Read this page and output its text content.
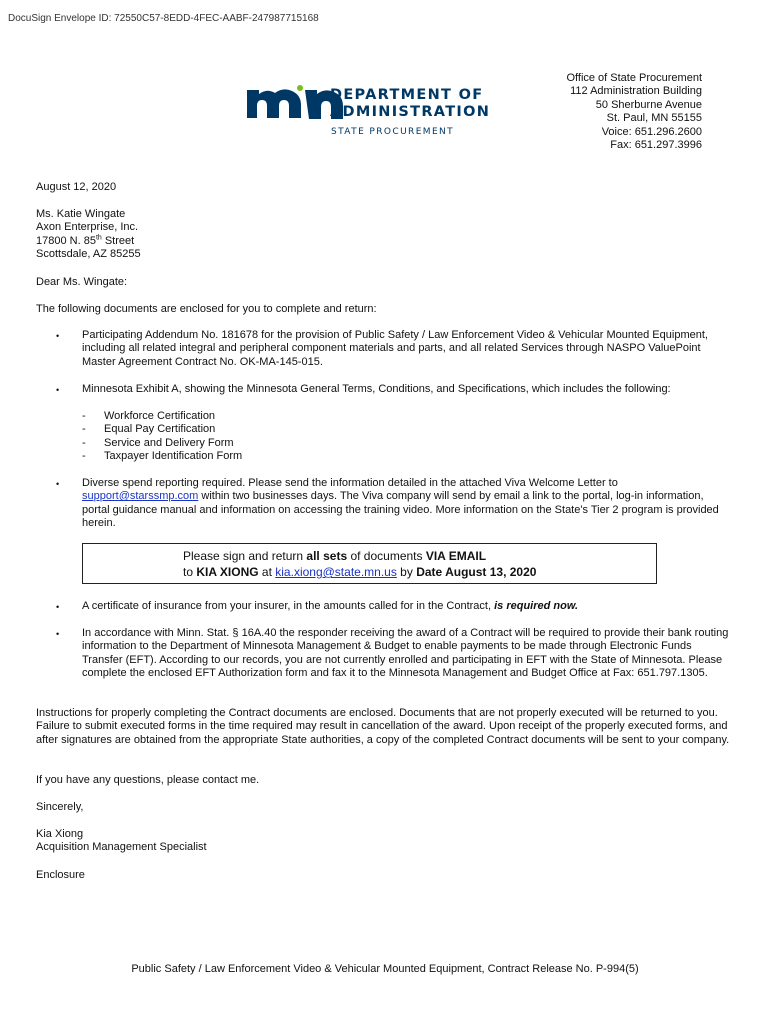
DocuSign Envelope ID: 72550C57-8EDD-4FEC-AABF-247987715168
DEPARTMENT OF
ADMINISTRATION
STATE PROCUREMENT
Office of State Procurement
112 Administration Building
50 Sherburne Avenue
St. Paul, MN 55155
Voice: 651.296.2600
Fax: 651.297.3996
August 12, 2020
Ms. Katie Wingate
Axon Enterprise, Inc.
17800 N. 85th Street
Scottsdale, AZ 85255
Dear Ms. Wingate:
The following documents are enclosed for you to complete and return:
• Participating Addendum No. 181678 for the provision of Public Safety / Law Enforcement Video & Vehicular Mounted Equipment, including all related integral and peripheral component materials and parts, and all related Services through NASPO ValuePoint Master Agreement Contract No. OK-MA-145-015.
• Minnesota Exhibit A, showing the Minnesota General Terms, Conditions, and Specifications, which includes the following:
- Workforce Certification
- Equal Pay Certification
- Service and Delivery Form
- Taxpayer Identification Form
• Diverse spend reporting required. Please send the information detailed in the attached Viva Welcome Letter to
support@starssmp.com within two businesses days. The Viva company will send by email a link to the portal, log-in information, portal guidance manual and information on accessing the training video. More information on the State's Tier 2 program is provided herein.
Please sign and return all sets of documents VIA EMAIL
to KIA XIONG at kia.xiong@state.mn.us by Date August 13, 2020
• A certificate of insurance from your insurer, in the amounts called for in the Contract, is required now.
• In accordance with Minn. Stat. § 16A.40 the responder receiving the award of a Contract will be required to provide their bank routing information to the Department of Minnesota Management & Budget to enable payments to be made through Electronic Funds Transfer (EFT). According to our records, you are not currently enrolled and participating in EFT with the State of Minnesota. Please complete the enclosed EFT Authorization form and fax it to the Minnesota Management and Budget Office at Fax: 651.797.1305.
Instructions for properly completing the Contract documents are enclosed. Documents that are not properly executed will be returned to you. Failure to submit executed forms in the time required may result in cancellation of the award. Upon receipt of the properly executed forms, and after signatures are obtained from the appropriate State authorities, a copy of the completed Contract documents will be sent to your company.
If you have any questions, please contact me.
Sincerely,
Kia Xiong
Acquisition Management Specialist
Enclosure
Public Safety / Law Enforcement Video & Vehicular Mounted Equipment, Contract Release No. P-994(5)
